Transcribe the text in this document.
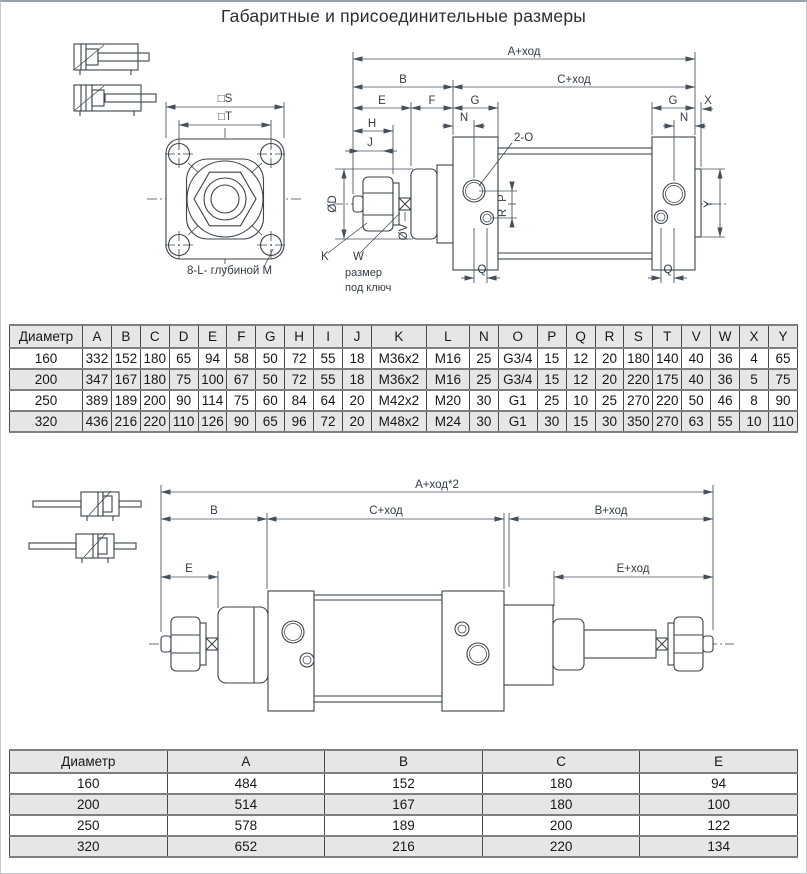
Габаритные и присоединительные размеры
□S
□T
8-L- глубиной M
A+ход
B	C+ход
E	F	G	G X
H	N	N
J	2-O
ØD
ØV
K W
размер
под ключ
P
R
Q	Q
Y
Диаметр	A	B	C	D	E	F	G	H	I	J	K	L	N	O	P	Q	R	S	T	V	W	X	Y
160	332	152	180	65	94	58	50	72	55	18	M36x2	M16	25	G3/4	15	12	20	180	140	40	36	4	65
200	347	167	180	75	100	67	50	72	55	18	M36x2	M16	25	G3/4	15	12	20	220	175	40	36	5	75
250	389	189	200	90	114	75	60	84	64	20	M42x2	M20	30	G1	25	10	25	270	220	50	46	8	90
320	436	216	220	110	126	90	65	96	72	20	M48x2	M24	30	G1	30	15	30	350	270	63	55	10	110
A+ход*2
B	C+ход	B+ход
E	E+ход
Диаметр	A	B	C	E
160	484	152	180	94
200	514	167	180	100
250	578	189	200	122
320	652	216	220	134
